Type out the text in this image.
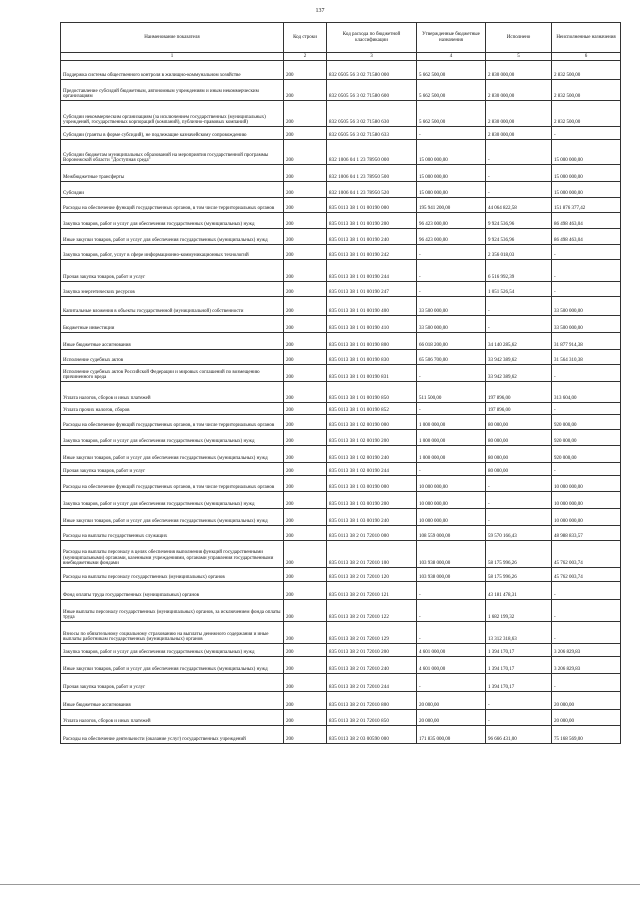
137
Наименование показателя	Код строки	Код расхода по бюджетной классификации	Утвержденные бюджетные назначения	Исполнено	Неисполненные назначения
1	2	3	4	5	6
Поддержка системы общественного контроля в жилищно-коммунальном хозяйстве	200	832 0505 56 3 02 71580 000	5 662 500,00	2 830 000,00	2 832 500,00
Предоставление субсидий бюджетным, автономным учреждениям и иным некоммерческим организациям	200	832 0505 56 3 02 71580 600	5 662 500,00	2 830 000,00	2 832 500,00
Субсидии некоммерческим организациям (за исключением государственных (муниципальных) учреждений, государственных корпораций (компаний), публично-правовых компаний)	200	832 0505 56 3 02 71580 630	5 662 500,00	2 830 000,00	2 832 500,00
Субсидии (гранты в форме субсидий), не подлежащие казначейскому сопровождению	200	832 0505 56 3 02 71580 633	-	2 830 000,00	-
Субсидии бюджетам муниципальных образований на мероприятия государственной программы Воронежской области "Доступная среда"	200	832 1006 04 1 23 78950 000	15 000 000,00	-	15 000 000,00
Межбюджетные трансферты	200	832 1006 04 1 23 78950 500	15 000 000,00	-	15 000 000,00
Субсидии	200	832 1006 04 1 23 78950 520	15 000 000,00	-	15 000 000,00
Расходы на обеспечение функций государственных органов, в том числе территориальных органов	200	835 0113 38 1 01 00190 000	195 941 200,00	44 064 822,58	151 876 377,42
Закупка товаров, работ и услуг для обеспечения государственных (муниципальных) нужд	200	835 0113 38 1 01 00190 200	96 423 000,00	9 924 536,96	86 498 463,04
Иные закупки товаров, работ и услуг для обеспечения государственных (муниципальных) нужд	200	835 0113 38 1 01 00190 240	96 423 000,00	9 924 536,96	86 498 463,04
Закупка товаров, работ, услуг в сфере информационно-коммуникационных технологий	200	835 0113 38 1 01 00190 242	-	2 356 018,03	-
Прочая закупка товаров, работ и услуг	200	835 0113 38 1 01 00190 244	-	6 516 992,39	-
Закупка энергетических ресурсов	200	835 0113 38 1 01 00190 247	-	1 051 526,54	-
Капитальные вложения в объекты государственной (муниципальной) собственности	200	835 0113 38 1 01 00190 400	33 500 000,00	-	33 500 000,00
Бюджетные инвестиции	200	835 0113 38 1 01 00190 410	33 500 000,00	-	33 500 000,00
Иные бюджетные ассигнования	200	835 0113 38 1 01 00190 800	66 018 200,00	34 140 285,62	31 877 914,38
Исполнение судебных актов	200	835 0113 38 1 01 00190 830	65 506 700,00	33 942 389,62	31 564 310,38
Исполнение судебных актов Российской Федерации и мировых соглашений по возмещению причиненного вреда	200	835 0113 38 1 01 00190 831	-	33 942 389,62	-
Уплата налогов, сборов и иных платежей	200	835 0113 38 1 01 00190 850	511 500,00	197 896,00	313 604,00
Уплата прочих налогов, сборов	200	835 0113 38 1 01 00190 852	-	197 896,00	-
Расходы на обеспечение функций государственных органов, в том числе территориальных органов	200	835 0113 38 1 02 00190 000	1 000 000,00	80 000,00	920 000,00
Закупка товаров, работ и услуг для обеспечения государственных (муниципальных) нужд	200	835 0113 38 1 02 00190 200	1 000 000,00	80 000,00	920 000,00
Иные закупки товаров, работ и услуг для обеспечения государственных (муниципальных) нужд	200	835 0113 38 1 02 00190 240	1 000 000,00	80 000,00	920 000,00
Прочая закупка товаров, работ и услуг	200	835 0113 38 1 02 00190 244	-	80 000,00	-
Расходы на обеспечение функций государственных органов, в том числе территориальных органов	200	835 0113 38 1 03 00190 000	10 000 000,00	-	10 000 000,00
Закупка товаров, работ и услуг для обеспечения государственных (муниципальных) нужд	200	835 0113 38 1 03 00190 200	10 000 000,00	-	10 000 000,00
Иные закупки товаров, работ и услуг для обеспечения государственных (муниципальных) нужд	200	835 0113 38 1 03 00190 240	10 000 000,00	-	10 000 000,00
Расходы на выплаты государственных служащих	200	835 0113 38 2 01 72010 000	108 559 000,00	59 570 166,43	48 988 833,57
Расходы на выплаты персоналу в целях обеспечения выполнения функций государственными (муниципальными) органами, казенными учреждениями, органами управления государственными внебюджетными фондами	200	835 0113 38 2 01 72010 100	103 938 000,00	58 175 996,26	45 762 003,74
Расходы на выплаты персоналу государственных (муниципальных) органов	200	835 0113 38 2 01 72010 120	103 938 000,00	58 175 996,26	45 762 003,74
Фонд оплаты труда государственных (муниципальных) органов	200	835 0113 38 2 01 72010 121	-	43 181 478,31	-
Иные выплаты персоналу государственных (муниципальных) органов, за исключением фонда оплаты труда	200	835 0113 38 2 01 72010 122	-	1 682 199,32	-
Взносы по обязательному социальному страхованию на выплаты денежного содержания и иные выплаты работникам государственных (муниципальных) органов	200	835 0113 38 2 01 72010 129	-	13 312 318,63	-
Закупка товаров, работ и услуг для обеспечения государственных (муниципальных) нужд	200	835 0113 38 2 01 72010 200	4 601 000,00	1 394 170,17	3 206 829,83
Иные закупки товаров, работ и услуг для обеспечения государственных (муниципальных) нужд	200	835 0113 38 2 01 72010 240	4 601 000,00	1 394 170,17	3 206 829,83
Прочая закупка товаров, работ и услуг	200	835 0113 38 2 01 72010 244	-	1 394 170,17	-
Иные бюджетные ассигнования	200	835 0113 38 2 01 72010 800	20 000,00	-	20 000,00
Уплата налогов, сборов и иных платежей	200	835 0113 38 2 01 72010 850	20 000,00	-	20 000,00
Расходы на обеспечение деятельности (оказание услуг) государственных учреждений	200	835 0113 38 2 03 00590 000	171 835 000,00	96 666 431,00	75 168 569,00
